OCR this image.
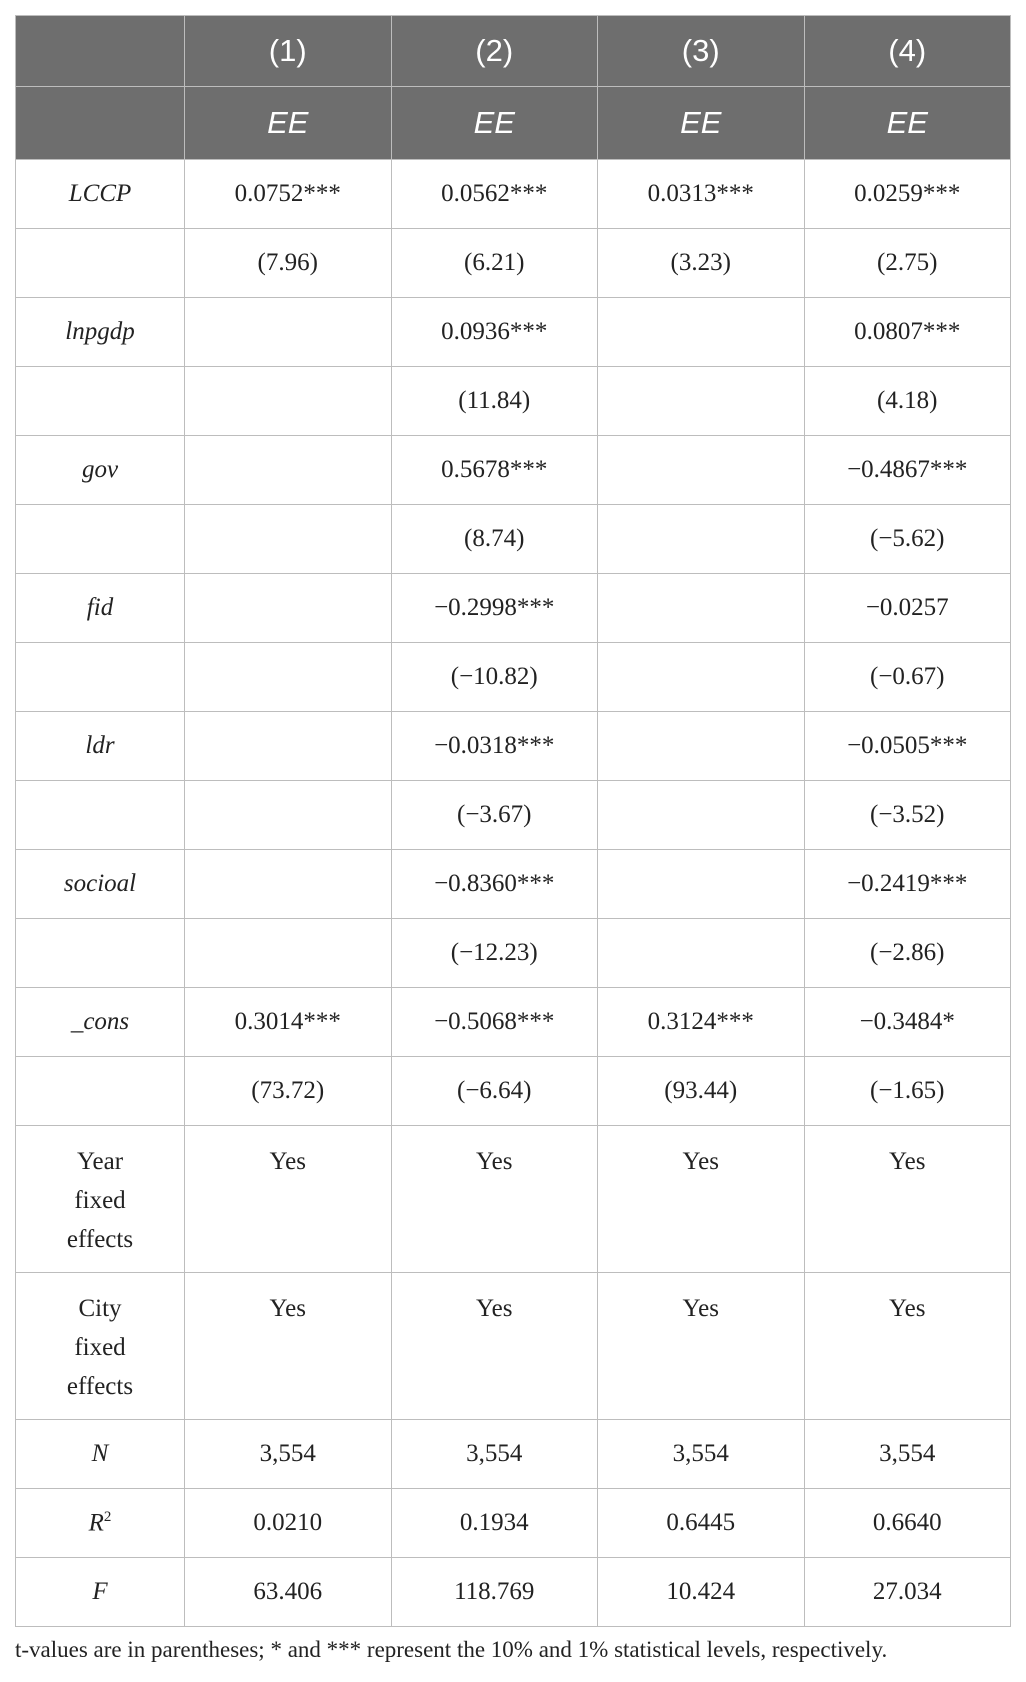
	(1)	(2)	(3)	(4)
	EE	EE	EE	EE
LCCP	0.0752***	0.0562***	0.0313***	0.0259***
	(7.96)	(6.21)	(3.23)	(2.75)
lnpgdp		0.0936***		0.0807***
		(11.84)		(4.18)
gov		0.5678***		−0.4867***
		(8.74)		(−5.62)
fid		−0.2998***		−0.0257
		(−10.82)		(−0.67)
ldr		−0.0318***		−0.0505***
		(−3.67)		(−3.52)
socioal		−0.8360***		−0.2419***
		(−12.23)		(−2.86)
_cons	0.3014***	−0.5068***	0.3124***	−0.3484*
	(73.72)	(−6.64)	(93.44)	(−1.65)

Year
fixed
effects	Yes	Yes	Yes	Yes

City
fixed
effects	Yes	Yes	Yes	Yes

N	3,554	3,554	3,554	3,554
$R^2$	0.0210	0.1934	0.6445	0.6640
F	63.406	118.769	10.424	27.034
t-values are in parentheses; * and *** represent the 10% and 1% statistical levels, respectively.
